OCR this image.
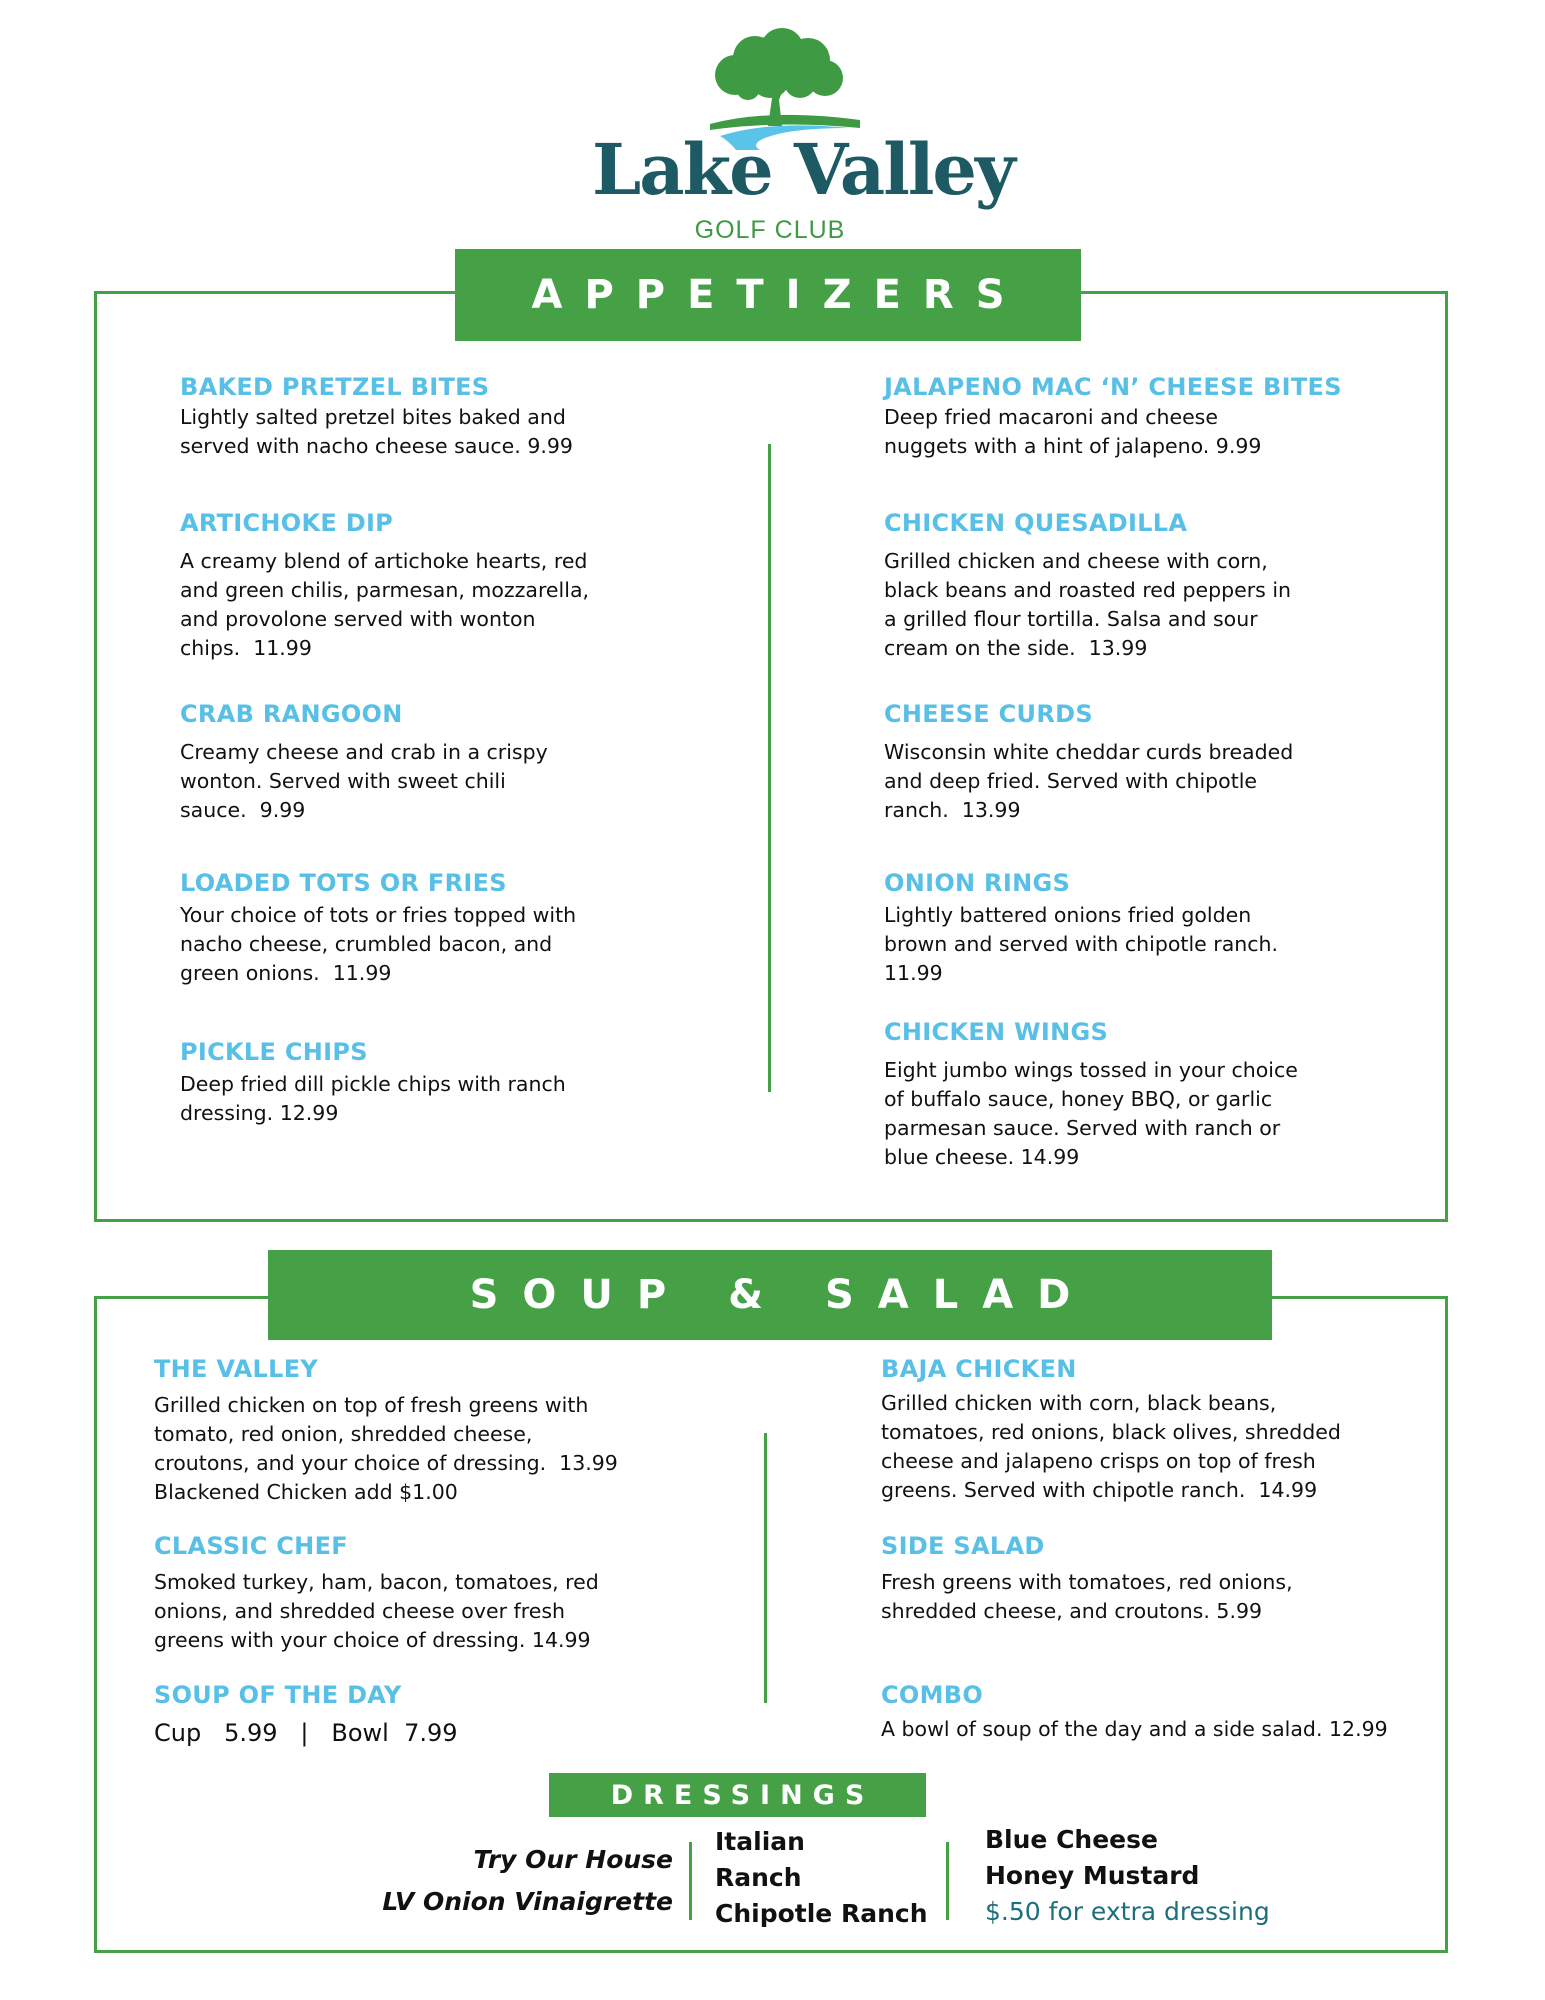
Lake Valley
GOLF CLUB
APPETIZERS
BAKED PRETZEL BITES

Lightly salted pretzel bites baked and
served with nacho cheese sauce. 9.99

ARTICHOKE DIP

A creamy blend of artichoke hearts, red
and green chilis, parmesan, mozzarella,
and provolone served with wonton
chips.  11.99

CRAB RANGOON

Creamy cheese and crab in a crispy
wonton. Served with sweet chili
sauce.  9.99

LOADED TOTS OR FRIES

Your choice of tots or fries topped with
nacho cheese, crumbled bacon, and
green onions.  11.99

PICKLE CHIPS

Deep fried dill pickle chips with ranch
dressing. 12.99

JALAPENO MAC ‘N’ CHEESE BITES

Deep fried macaroni and cheese
nuggets with a hint of jalapeno. 9.99

CHICKEN QUESADILLA

Grilled chicken and cheese with corn,
black beans and roasted red peppers in
a grilled flour tortilla. Salsa and sour
cream on the side.  13.99

CHEESE CURDS

Wisconsin white cheddar curds breaded
and deep fried. Served with chipotle
ranch.  13.99

ONION RINGS

Lightly battered onions fried golden
brown and served with chipotle ranch.
11.99

CHICKEN WINGS

Eight jumbo wings tossed in your choice
of buffalo sauce, honey BBQ, or garlic
parmesan sauce. Served with ranch or
blue cheese. 14.99

SOUP & SALAD
THE VALLEY

Grilled chicken on top of fresh greens with
tomato, red onion, shredded cheese,
croutons, and your choice of dressing.  13.99
Blackened Chicken add $1.00

CLASSIC CHEF

Smoked turkey, ham, bacon, tomatoes, red
onions, and shredded cheese over fresh
greens with your choice of dressing. 14.99

SOUP OF THE DAY

Cup   5.99   |   Bowl  7.99

BAJA CHICKEN

Grilled chicken with corn, black beans,
tomatoes, red onions, black olives, shredded
cheese and jalapeno crisps on top of fresh
greens. Served with chipotle ranch.  14.99

SIDE SALAD

Fresh greens with tomatoes, red onions,
shredded cheese, and croutons. 5.99

COMBO

A bowl of soup of the day and a side salad. 12.99

DRESSINGS
Try Our House
LV Onion Vinaigrette
Italian
Ranch
Chipotle Ranch
Blue Cheese
Honey Mustard
$.50 for extra dressing
